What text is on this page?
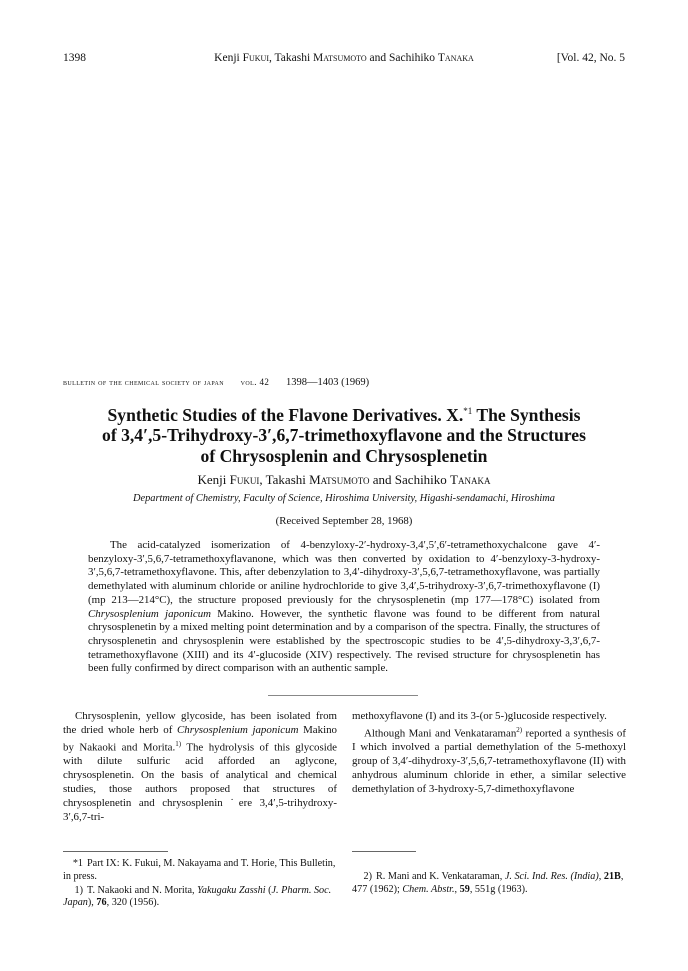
1398	Kenji Fukui, Takashi Matsumoto and Sachihiko Tanaka	[Vol. 42, No. 5
bulletin of the chemical society of japan vol. 42 1398—1403 (1969)
Synthetic Studies of the Flavone Derivatives. X.$^{*1}$ The Synthesis
of 3,4′,5-Trihydroxy-3′,6,7-trimethoxyflavone and the Structures
of Chrysosplenin and Chrysosplenetin
Kenji Fukui, Takashi Matsumoto and Sachihiko Tanaka
Department of Chemistry, Faculty of Science, Hiroshima University, Higashi-sendamachi, Hiroshima
(Received September 28, 1968)

The acid-catalyzed isomerization of 4-benzyloxy-2′-hydroxy-3,4′,5′,6′-tetramethoxychalcone gave 4′-benzyloxy-3′,5,6,7-tetramethoxyflavanone, which was then converted by oxidation to 4′-benzyloxy-3-hydroxy-3′,5,6,7-tetramethoxyflavone. This, after debenzylation to 3,4′-dihydroxy-3′,5,6,7-tetramethoxyflavone, was partially demethylated with aluminum chloride or aniline hydrochloride to give 3,4′,5-trihydroxy-3′,6,7-trimethoxyflavone (I) (mp 213—214°C), the structure proposed previously for the chrysosplenetin (mp 177—178°C) isolated from Chrysosplenium japonicum Makino. However, the synthetic flavone was found to be different from natural chrysosplenetin by a mixed melting point determination and by a comparison of the spectra. Finally, the structures of chrysosplenetin and chrysosplenin were established by the spectroscopic studies to be 4′,5-dihydroxy-3,3′,6,7-tetramethoxyflavone (XIII) and its 4′-glucoside (XIV) respectively. The revised structure for chrysosplenetin has been fully confirmed by direct comparison with an authentic sample.

Chrysosplenin, yellow glycoside, has been isolated from the dried whole herb of Chrysosplenium japonicum Makino by Nakaoki and Morita.$^{1)}$ The hydrolysis of this glycoside with dilute sulfuric acid afforded an aglycone, chrysosplenetin. On the basis of analytical and chemical studies, those authors proposed that structures of chrysosplenetin and chrysosplenin ˙ere 3,4′,5-trihydroxy-3′,6,7-tri-

methoxyflavone (I) and its 3-(or 5-)glucoside respectively.

Although Mani and Venkataraman$^{2)}$ reported a synthesis of I which involved a partial demethylation of the 5-methoxyl group of 3,4′-dihydroxy-3′,5,6,7-tetramethoxyflavone (II) with anhydrous aluminum chloride in ether, a similar selective demethylation of 3-hydroxy-5,7-dimethoxyflavone

*1 Part IX: K. Fukui, M. Nakayama and T. Horie, This Bulletin, in press.

1) T. Nakaoki and N. Morita, Yakugaku Zasshi (J. Pharm. Soc. Japan), 76, 320 (1956).

2) R. Mani and K. Venkataraman, J. Sci. Ind. Res. (India), 21B, 477 (1962); Chem. Abstr., 59, 551g (1963).
